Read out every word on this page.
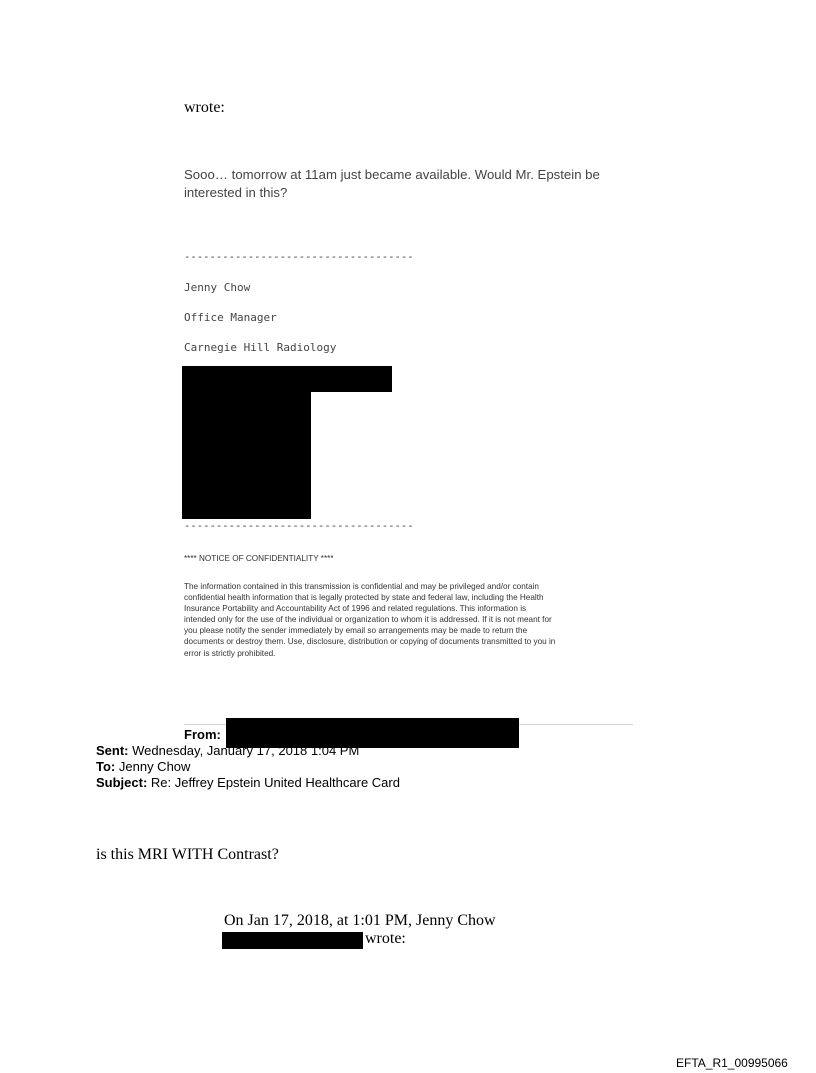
wrote:
Sooo… tomorrow at 11am just became available. Would Mr. Epstein be
interested in this?
------------------------------------
Jenny Chow
Office Manager
Carnegie Hill Radiology
------------------------------------
**** NOTICE OF CONFIDENTIALITY ****
The information contained in this transmission is confidential and may be privileged and/or contain
confidential health information that is legally protected by state and federal law, including the Health
Insurance Portability and Accountability Act of 1996 and related regulations. This information is
intended only for the use of the individual or organization to whom it is addressed. If it is not meant for
you please notify the sender immediately by email so arrangements may be made to return the
documents or destroy them. Use, disclosure, distribution or copying of documents transmitted to you in
error is strictly prohibited.
From:
Sent: Wednesday, January 17, 2018 1:04 PM
To: Jenny Chow
Subject: Re: Jeffrey Epstein United Healthcare Card
is this MRI WITH Contrast?
On Jan 17, 2018, at 1:01 PM, Jenny Chow
wrote:
EFTA_R1_00995066
